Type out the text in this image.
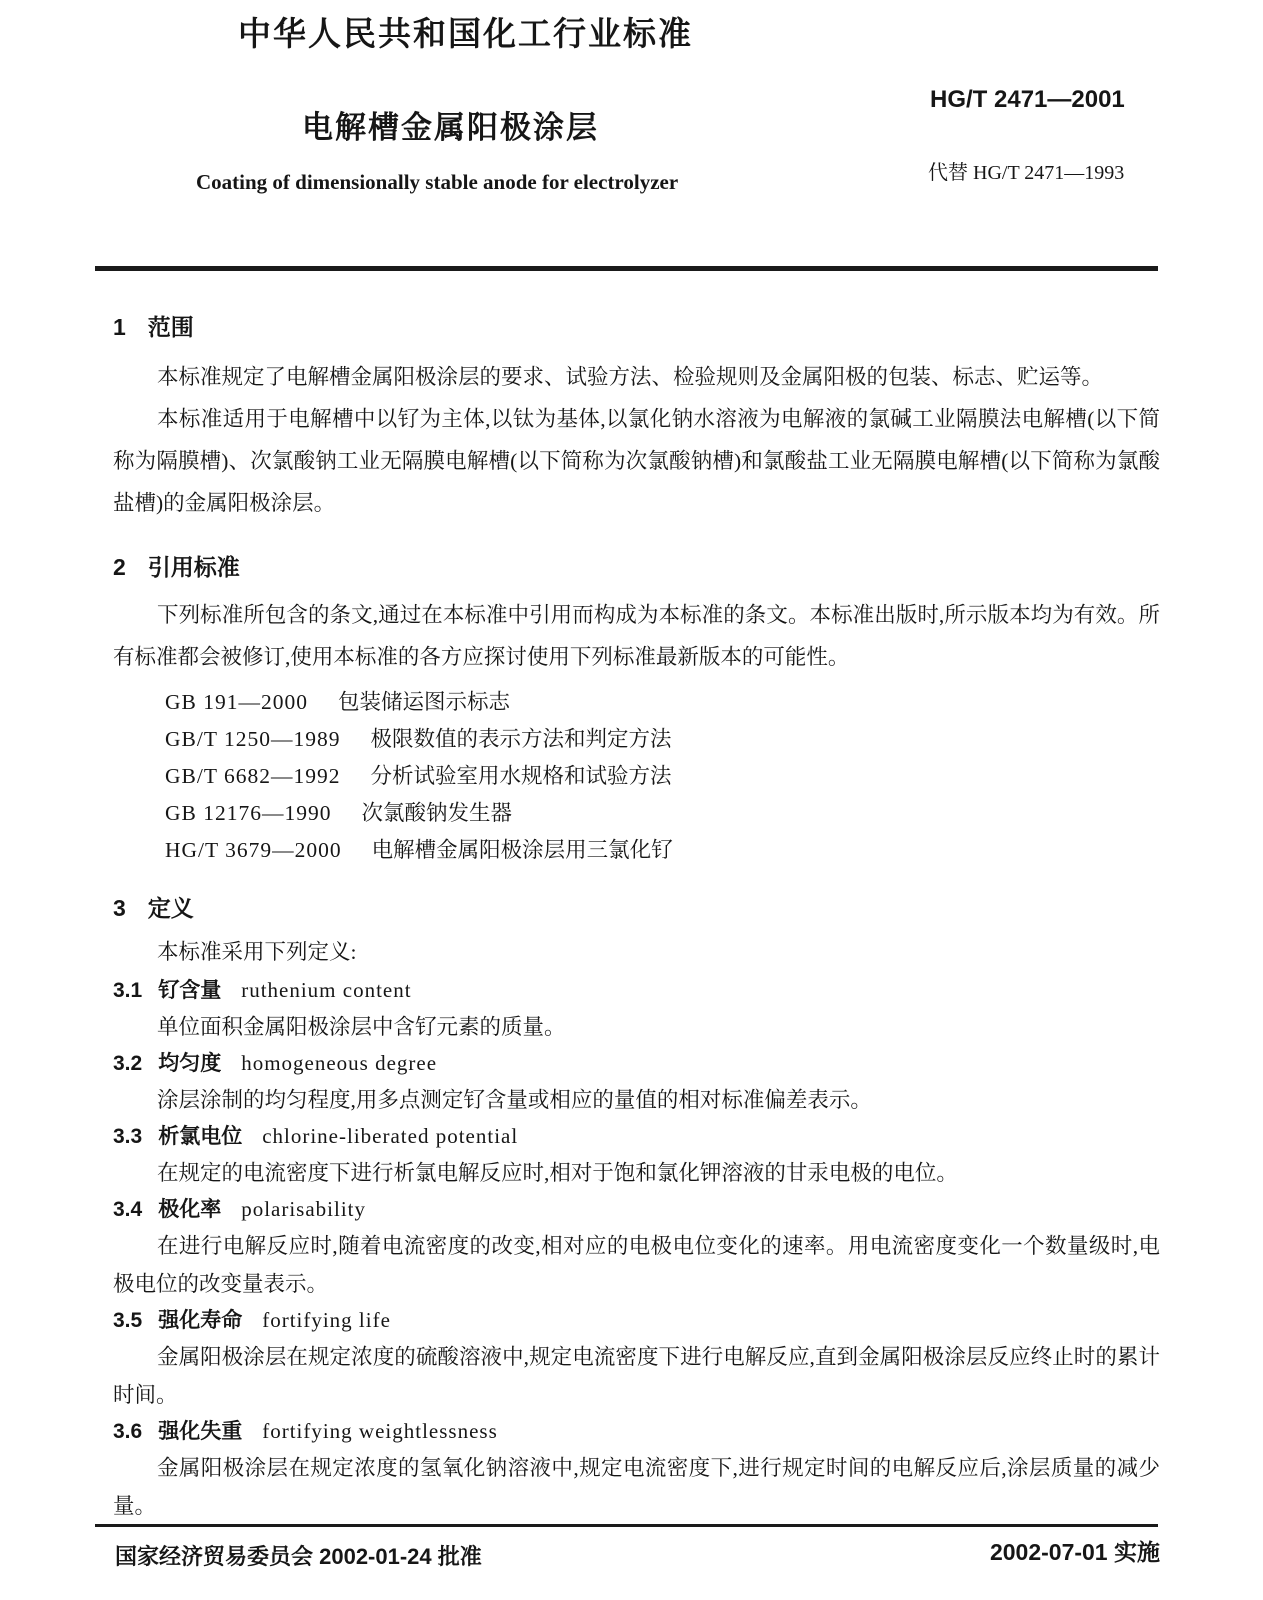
中华人民共和国化工行业标准
HG/T 2471—2001
电解槽金属阳极涂层
代替 HG/T 2471—1993
Coating of dimensionally stable anode for electrolyzer
1 范围

本标准规定了电解槽金属阳极涂层的要求、试验方法、检验规则及金属阳极的包装、标志、贮运等。

本标准适用于电解槽中以钌为主体,以钛为基体,以氯化钠水溶液为电解液的氯碱工业隔膜法电解槽(以下简称为隔膜槽)、次氯酸钠工业无隔膜电解槽(以下简称为次氯酸钠槽)和氯酸盐工业无隔膜电解槽(以下简称为氯酸盐槽)的金属阳极涂层。

2 引用标准

下列标准所包含的条文,通过在本标准中引用而构成为本标准的条文。本标准出版时,所示版本均为有效。所有标准都会被修订,使用本标准的各方应探讨使用下列标准最新版本的可能性。

GB 191—2000 包装储运图示标志
GB/T 1250—1989 极限数值的表示方法和判定方法
GB/T 6682—1992 分析试验室用水规格和试验方法
GB 12176—1990 次氯酸钠发生器
HG/T 3679—2000 电解槽金属阳极涂层用三氯化钌
3 定义

本标准采用下列定义:

3.1 钌含量 ruthenium content

单位面积金属阳极涂层中含钌元素的质量。

3.2 均匀度 homogeneous degree

涂层涂制的均匀程度,用多点测定钌含量或相应的量值的相对标准偏差表示。

3.3 析氯电位 chlorine-liberated potential

在规定的电流密度下进行析氯电解反应时,相对于饱和氯化钾溶液的甘汞电极的电位。

3.4 极化率 polarisability

在进行电解反应时,随着电流密度的改变,相对应的电极电位变化的速率。用电流密度变化一个数量级时,电极电位的改变量表示。

3.5 强化寿命 fortifying life

金属阳极涂层在规定浓度的硫酸溶液中,规定电流密度下进行电解反应,直到金属阳极涂层反应终止时的累计时间。

3.6 强化失重 fortifying weightlessness

金属阳极涂层在规定浓度的氢氧化钠溶液中,规定电流密度下,进行规定时间的电解反应后,涂层质量的减少量。

国家经济贸易委员会 2002-01-24 批准	2002-07-01 实施
